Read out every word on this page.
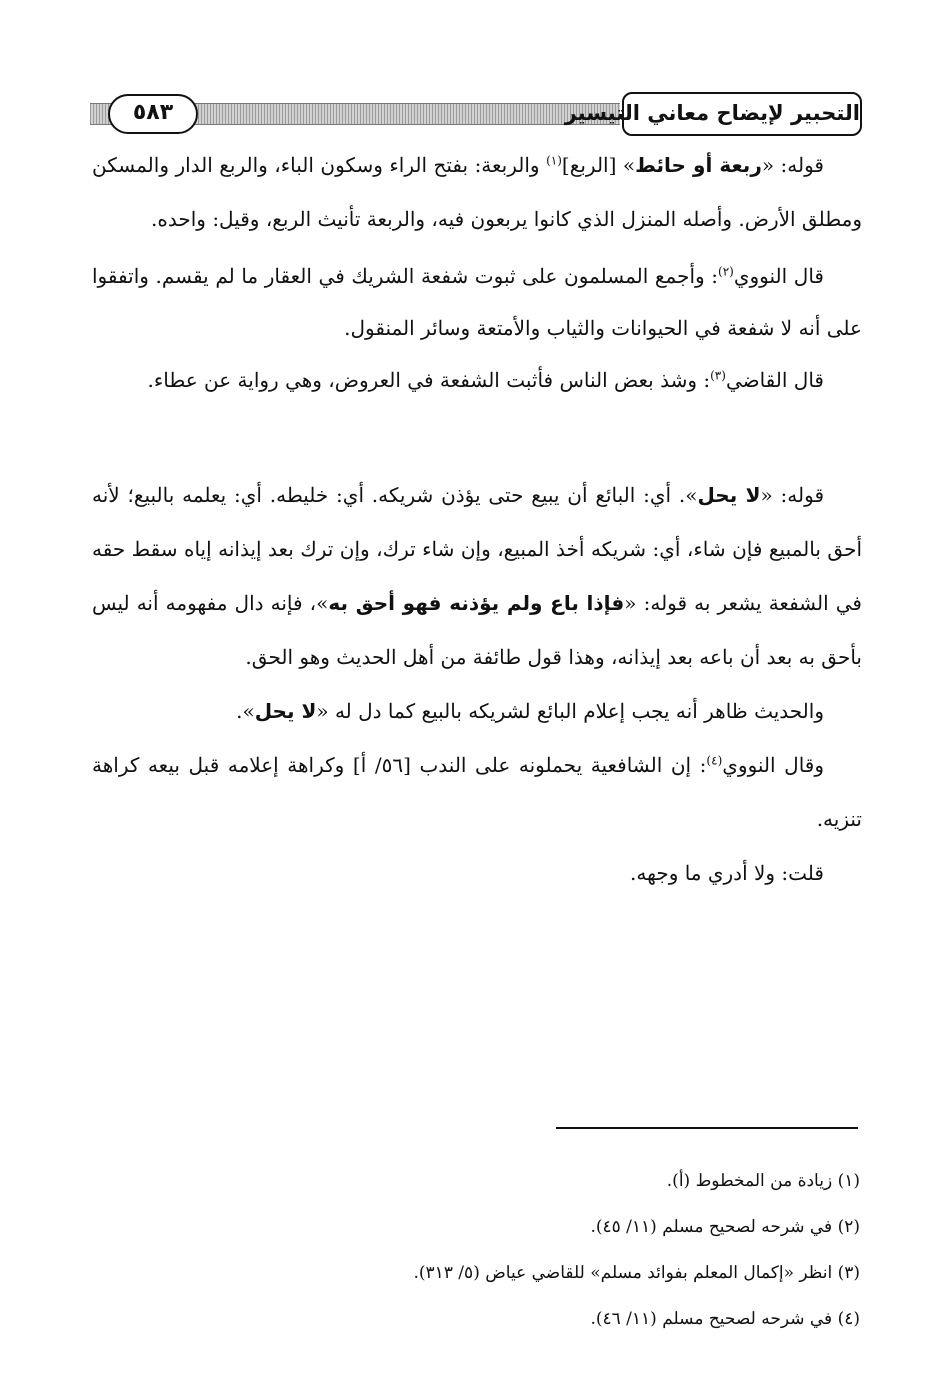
٥٨٣	التحبير لإيضاح معاني التيسير

قوله: «ربعة أو حائط» [الربع]$^{(١)}$ والربعة: بفتح الراء وسكون الباء، والربع الدار والمسكن ومطلق الأرض. وأصله المنزل الذي كانوا يربعون فيه، والربعة تأنيث الربع، وقيل: واحده.

قال النووي$^{(٢)}$: وأجمع المسلمون على ثبوت شفعة الشريك في العقار ما لم يقسم. واتفقوا على أنه لا شفعة في الحيوانات والثياب والأمتعة وسائر المنقول.

قال القاضي$^{(٣)}$: وشذ بعض الناس فأثبت الشفعة في العروض، وهي رواية عن عطاء.

قوله: «لا يحل». أي: البائع أن يبيع حتى يؤذن شريكه. أي: خليطه. أي: يعلمه بالبيع؛ لأنه أحق بالمبيع فإن شاء، أي: شريكه أخذ المبيع، وإن شاء ترك، وإن ترك بعد إيذانه إياه سقط حقه في الشفعة يشعر به قوله: «فإذا باع ولم يؤذنه فهو أحق به»، فإنه دال مفهومه أنه ليس بأحق به بعد أن باعه بعد إيذانه، وهذا قول طائفة من أهل الحديث وهو الحق.

والحديث ظاهر أنه يجب إعلام البائع لشريكه بالبيع كما دل له «لا يحل».

وقال النووي$^{(٤)}$: إن الشافعية يحملونه على الندب [٥٦/ أ] وكراهة إعلامه قبل بيعه كراهة تنزيه.

قلت: ولا أدري ما وجهه.

(١) زيادة من المخطوط (أ).

(٢) في شرحه لصحيح مسلم (١١/ ٤٥).

(٣) انظر «إكمال المعلم بفوائد مسلم» للقاضي عياض (٥/ ٣١٣).

(٤) في شرحه لصحيح مسلم (١١/ ٤٦).
